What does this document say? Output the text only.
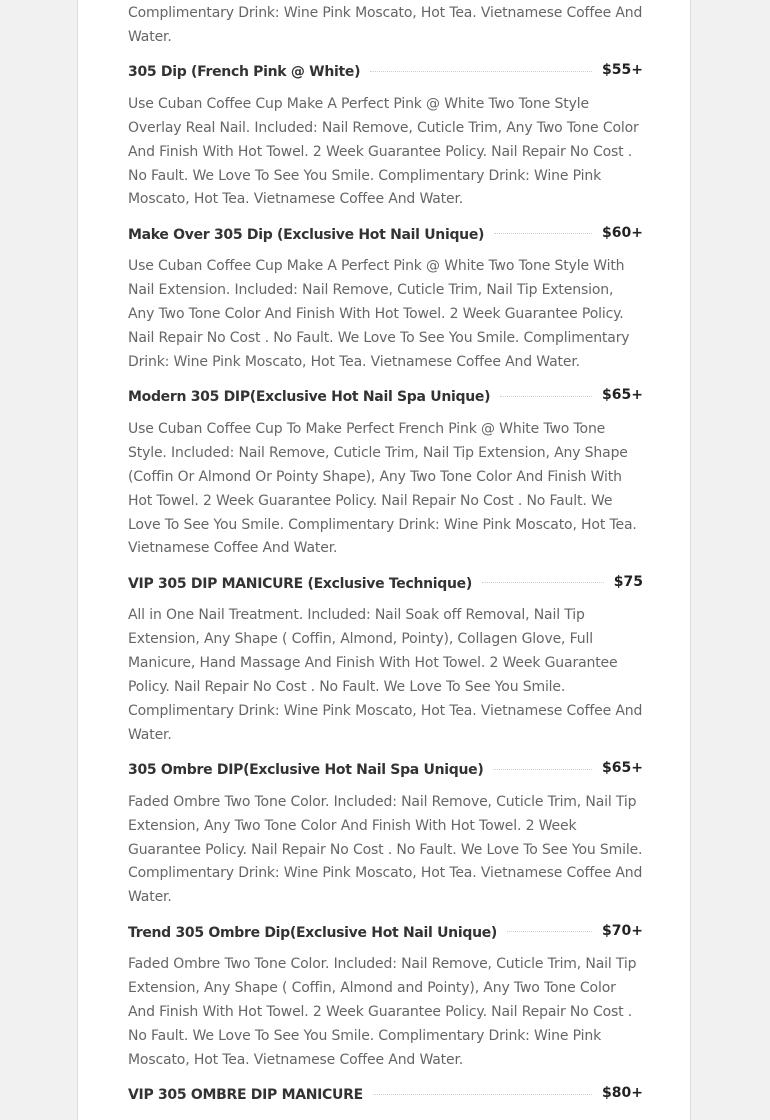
Complimentary Drink: Wine Pink Moscato, Hot Tea. Vietnamese Coffee And Water.

305 Dip (French Pink @ White)	$55+

Use Cuban Coffee Cup Make A Perfect Pink @ White Two Tone Style Overlay Real Nail. Included: Nail Remove, Cuticle Trim, Any Two Tone Color And Finish With Hot Towel. 2 Week Guarantee Policy. Nail Repair No Cost . No Fault. We Love To See You Smile. Complimentary Drink: Wine Pink Moscato, Hot Tea. Vietnamese Coffee And Water.

Make Over 305 Dip (Exclusive Hot Nail Unique)	$60+

Use Cuban Coffee Cup Make A Perfect Pink @ White Two Tone Style With Nail Extension. Included: Nail Remove, Cuticle Trim, Nail Tip Extension, Any Two Tone Color And Finish With Hot Towel. 2 Week Guarantee Policy. Nail Repair No Cost . No Fault. We Love To See You Smile. Complimentary Drink: Wine Pink Moscato, Hot Tea. Vietnamese Coffee And Water.

Modern 305 DIP(Exclusive Hot Nail Spa Unique)	$65+

Use Cuban Coffee Cup To Make Perfect French Pink @ White Two Tone Style. Included: Nail Remove, Cuticle Trim, Nail Tip Extension, Any Shape (Coffin Or Almond Or Pointy Shape), Any Two Tone Color And Finish With Hot Towel. 2 Week Guarantee Policy. Nail Repair No Cost . No Fault. We Love To See You Smile. Complimentary Drink: Wine Pink Moscato, Hot Tea. Vietnamese Coffee And Water.

VIP 305 DIP MANICURE (Exclusive Technique)	$75

All in One Nail Treatment. Included: Nail Soak off Removal, Nail Tip Extension, Any Shape ( Coffin, Almond, Pointy), Collagen Glove, Full Manicure, Hand Massage And Finish With Hot Towel. 2 Week Guarantee Policy. Nail Repair No Cost . No Fault. We Love To See You Smile. Complimentary Drink: Wine Pink Moscato, Hot Tea. Vietnamese Coffee And Water.

305 Ombre DIP(Exclusive Hot Nail Spa Unique)	$65+

Faded Ombre Two Tone Color. Included: Nail Remove, Cuticle Trim, Nail Tip Extension, Any Two Tone Color And Finish With Hot Towel. 2 Week Guarantee Policy. Nail Repair No Cost . No Fault. We Love To See You Smile. Complimentary Drink: Wine Pink Moscato, Hot Tea. Vietnamese Coffee And Water.

Trend 305 Ombre Dip(Exclusive Hot Nail Unique)	$70+

Faded Ombre Two Tone Color. Included: Nail Remove, Cuticle Trim, Nail Tip Extension, Any Shape ( Coffin, Almond and Pointy), Any Two Tone Color And Finish With Hot Towel. 2 Week Guarantee Policy. Nail Repair No Cost . No Fault. We Love To See You Smile. Complimentary Drink: Wine Pink Moscato, Hot Tea. Vietnamese Coffee And Water.

VIP 305 OMBRE DIP MANICURE	$80+
